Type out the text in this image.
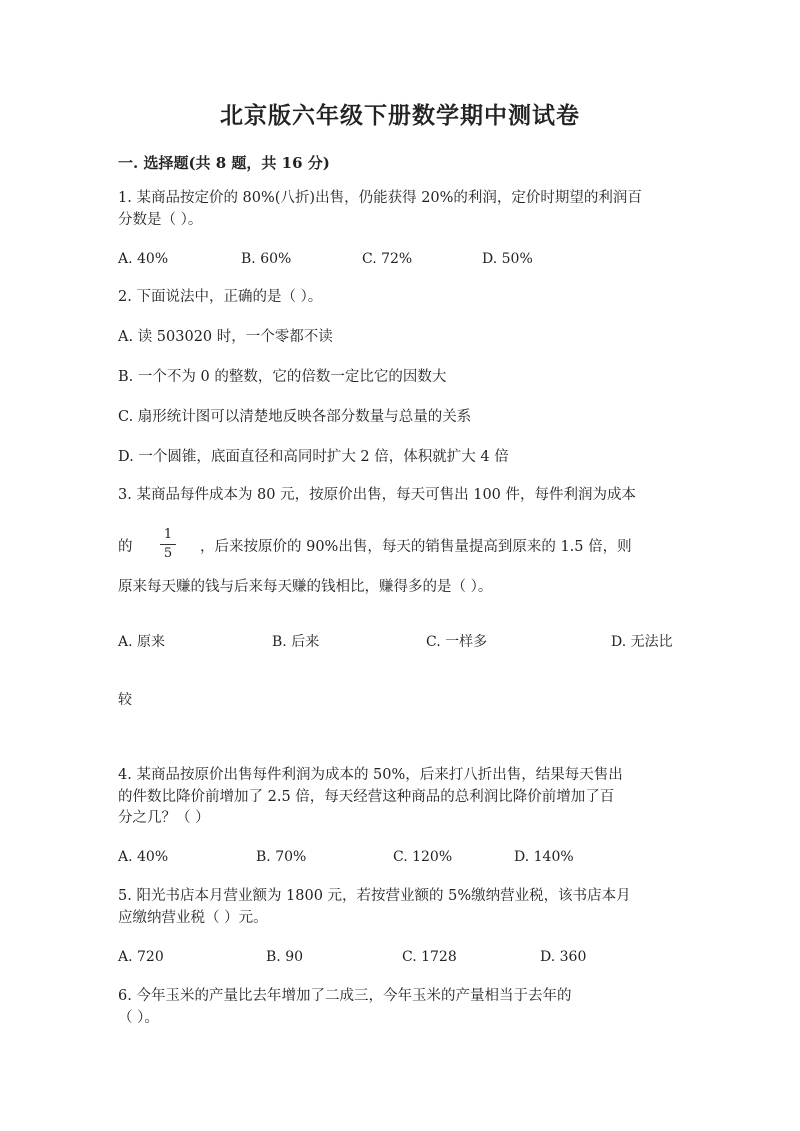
北京版六年级下册数学期中测试卷
一. 选择题(共 8 题，共 16 分)
1. 某商品按定价的 80%(八折)出售，仍能获得 20%的利润，定价时期望的利润百
分数是（ ）。
A. 40%	B. 60%	C. 72%	D. 50%
2. 下面说法中，正确的是（ ）。
A. 读 503020 时，一个零都不读
B. 一个不为 0 的整数，它的倍数一定比它的因数大
C. 扇形统计图可以清楚地反映各部分数量与总量的关系
D. 一个圆锥，底面直径和高同时扩大 2 倍，体积就扩大 4 倍
3. 某商品每件成本为 80 元，按原价出售，每天可售出 100 件，每件利润为成本
的 $\frac{1}{5}$ ，后来按原价的 90%出售，每天的销售量提高到原来的 1.5 倍，则
原来每天赚的钱与后来每天赚的钱相比，赚得多的是（ ）。
A. 原来	B. 后来	C. 一样多	D. 无法比
较
4. 某商品按原价出售每件利润为成本的 50%，后来打八折出售，结果每天售出
的件数比降价前增加了 2.5 倍，每天经营这种商品的总利润比降价前增加了百
分之几？（ ）
A. 40%	B. 70%	C. 120%	D. 140%
5. 阳光书店本月营业额为 1800 元，若按营业额的 5%缴纳营业税，该书店本月
应缴纳营业税（ ）元。
A. 720	B. 90	C. 1728	D. 360
6. 今年玉米的产量比去年增加了二成三，今年玉米的产量相当于去年的
（ ）。
